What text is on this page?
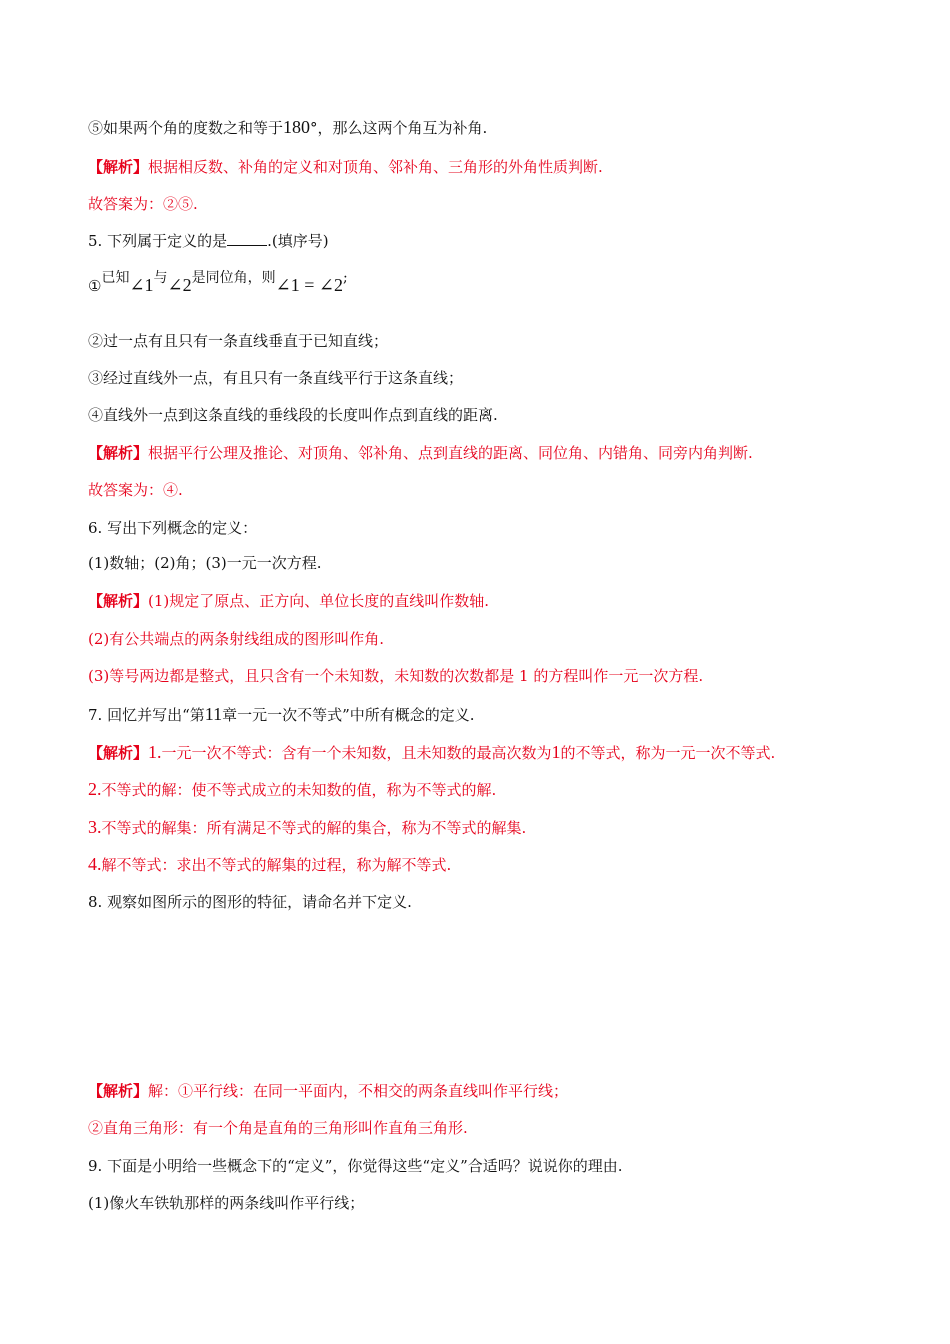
⑤如果两个角的度数之和等于180°，那么这两个角互为补角.
【解析】根据相反数、补角的定义和对顶角、邻补角、三角形的外角性质判断.
故答案为：②⑤.
5. 下列属于定义的是	.(填序号)
①已知∠1与∠2是同位角，则∠1 = ∠2;
②过一点有且只有一条直线垂直于已知直线；
③经过直线外一点，有且只有一条直线平行于这条直线；
④直线外一点到这条直线的垂线段的长度叫作点到直线的距离.
【解析】根据平行公理及推论、对顶角、邻补角、点到直线的距离、同位角、内错角、同旁内角判断.
故答案为：④.
6. 写出下列概念的定义：
(1)数轴；(2)角；(3)一元一次方程.
【解析】(1)规定了原点、正方向、单位长度的直线叫作数轴.
(2)有公共端点的两条射线组成的图形叫作角.
(3)等号两边都是整式，且只含有一个未知数，未知数的次数都是 1 的方程叫作一元一次方程.
7. 回忆并写出“第11章一元一次不等式”中所有概念的定义.
【解析】1.一元一次不等式：含有一个未知数，且未知数的最高次数为1的不等式，称为一元一次不等式.
2.不等式的解：使不等式成立的未知数的值，称为不等式的解.
3.不等式的解集：所有满足不等式的解的集合，称为不等式的解集.
4.解不等式：求出不等式的解集的过程，称为解不等式.
8. 观察如图所示的图形的特征，请命名并下定义.
【解析】解：①平行线：在同一平面内，不相交的两条直线叫作平行线；
②直角三角形：有一个角是直角的三角形叫作直角三角形.
9. 下面是小明给一些概念下的“定义”，你觉得这些“定义”合适吗？说说你的理由.
(1)像火车铁轨那样的两条线叫作平行线；
